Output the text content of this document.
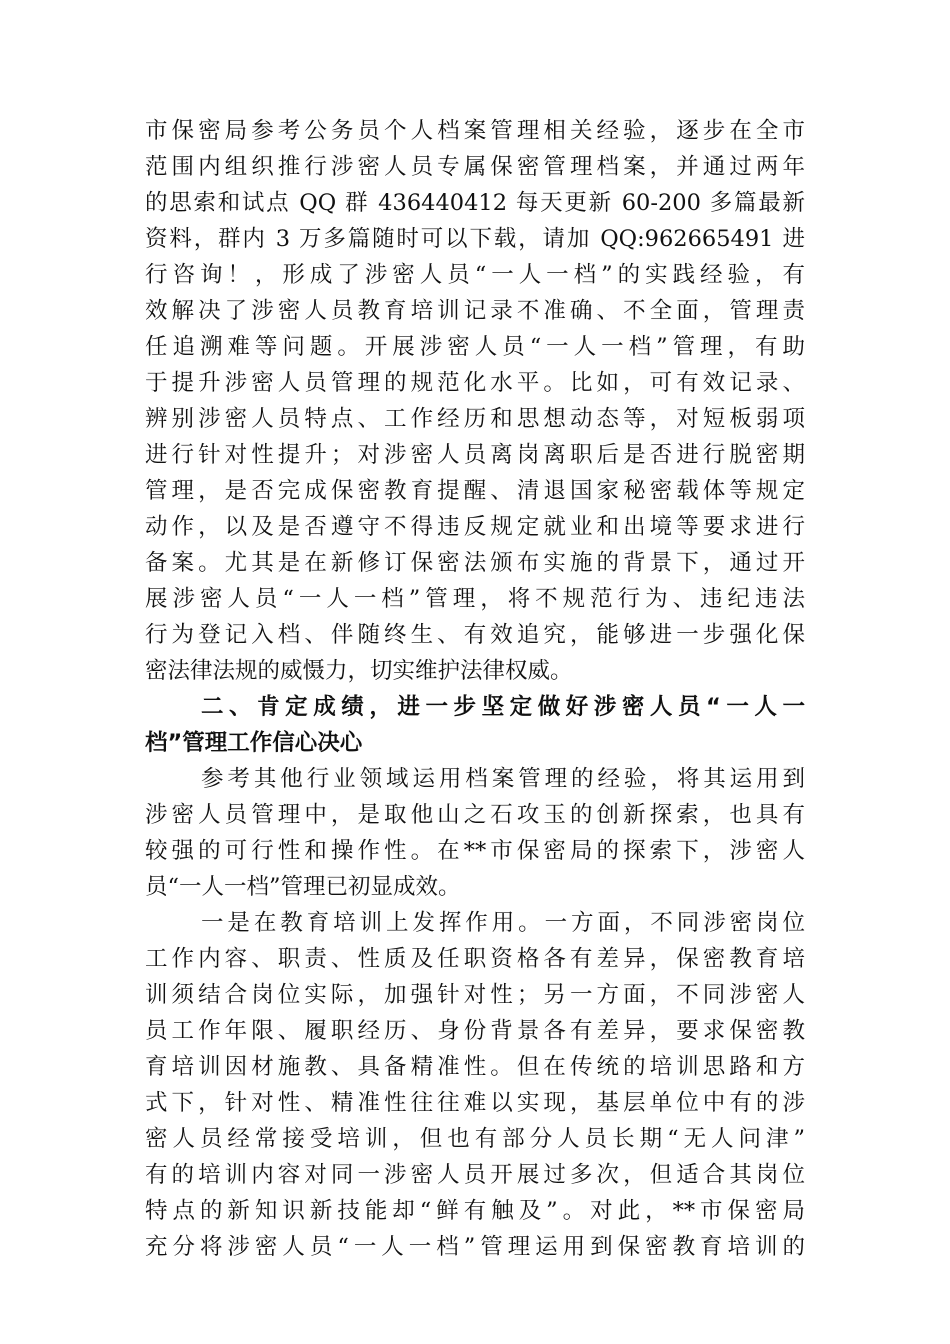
市保密局参考公务员个人档案管理相关经验，逐步在全市
范围内组织推行涉密人员专属保密管理档案，并通过两年
的思索和试点 QQ 群 436440412 每天更新 60-200 多篇最新
资料，群内 3 万多篇随时可以下载，请加 QQ:962665491 进
行咨询！，形成了涉密人员“一人一档”的实践经验，有
效解决了涉密人员教育培训记录不准确、不全面，管理责
任追溯难等问题。开展涉密人员“一人一档”管理，有助
于提升涉密人员管理的规范化水平。比如，可有效记录、
辨别涉密人员特点、工作经历和思想动态等，对短板弱项
进行针对性提升；对涉密人员离岗离职后是否进行脱密期
管理，是否完成保密教育提醒、清退国家秘密载体等规定
动作，以及是否遵守不得违反规定就业和出境等要求进行
备案。尤其是在新修订保密法颁布实施的背景下，通过开
展涉密人员“一人一档”管理，将不规范行为、违纪违法
行为登记入档、伴随终生、有效追究，能够进一步强化保
密法律法规的威慑力，切实维护法律权威。
二、肯定成绩，进一步坚定做好涉密人员“一人一
档”管理工作信心决心
参考其他行业领域运用档案管理的经验，将其运用到
涉密人员管理中，是取他山之石攻玉的创新探索，也具有
较强的可行性和操作性。在**市保密局的探索下，涉密人
员“一人一档”管理已初显成效。
一是在教育培训上发挥作用。一方面，不同涉密岗位
工作内容、职责、性质及任职资格各有差异，保密教育培
训须结合岗位实际，加强针对性；另一方面，不同涉密人
员工作年限、履职经历、身份背景各有差异，要求保密教
育培训因材施教、具备精准性。但在传统的培训思路和方
式下，针对性、精准性往往难以实现，基层单位中有的涉
密人员经常接受培训，但也有部分人员长期“无人问津”
有的培训内容对同一涉密人员开展过多次，但适合其岗位
特点的新知识新技能却“鲜有触及”。对此，**市保密局
充分将涉密人员“一人一档”管理运用到保密教育培训的
